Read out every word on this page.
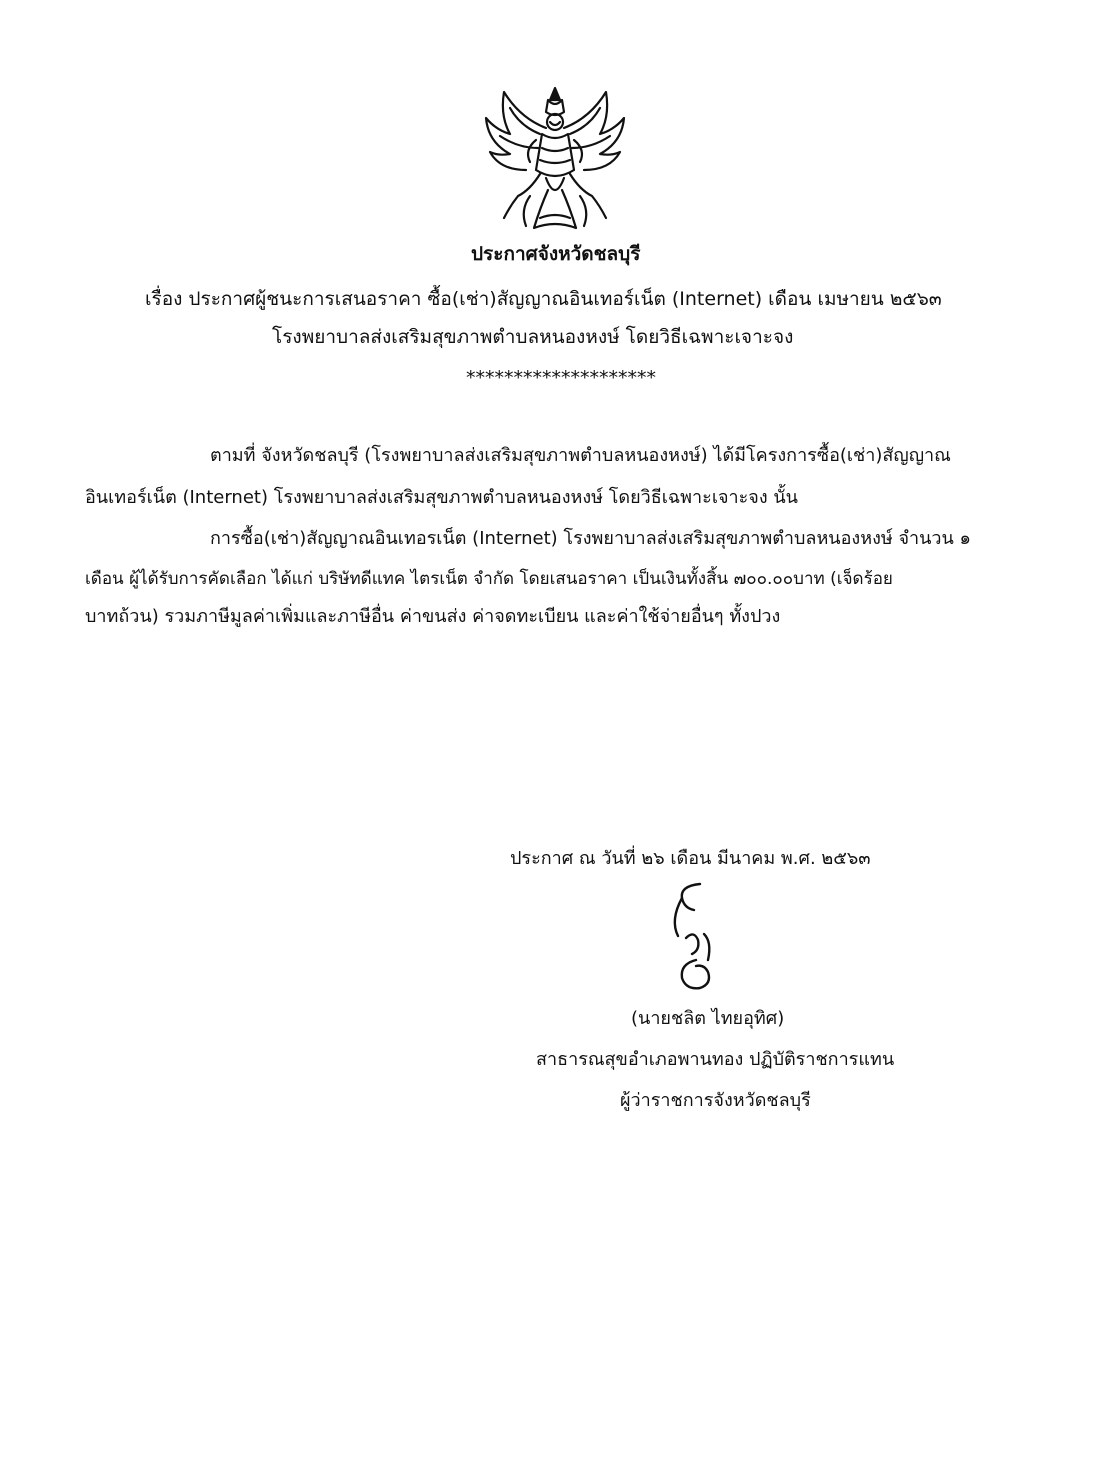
ประกาศจังหวัดชลบุรี
เรื่อง ประกาศผู้ชนะการเสนอราคา ซื้อ(เช่า)สัญญาณอินเทอร์เน็ต (Internet) เดือน เมษายน ๒๕๖๓
โรงพยาบาลส่งเสริมสุขภาพตำบลหนองหงษ์ โดยวิธีเฉพาะเจาะจง
********************
ตามที่ จังหวัดชลบุรี (โรงพยาบาลส่งเสริมสุขภาพตำบลหนองหงษ์) ได้มีโครงการซื้อ(เช่า)สัญญาณ
อินเทอร์เน็ต (Internet) โรงพยาบาลส่งเสริมสุขภาพตำบลหนองหงษ์ โดยวิธีเฉพาะเจาะจง นั้น
การซื้อ(เช่า)สัญญาณอินเทอรเน็ต (Internet) โรงพยาบาลส่งเสริมสุขภาพตำบลหนองหงษ์ จำนวน ๑
เดือน ผู้ได้รับการคัดเลือก ได้แก่ บริษัทดีแทค ไตรเน็ต จำกัด โดยเสนอราคา เป็นเงินทั้งสิ้น ๗๐๐.๐๐บาท (เจ็ดร้อย
บาทถ้วน) รวมภาษีมูลค่าเพิ่มและภาษีอื่น ค่าขนส่ง ค่าจดทะเบียน และค่าใช้จ่ายอื่นๆ ทั้งปวง
ประกาศ ณ วันที่ ๒๖ เดือน มีนาคม พ.ศ. ๒๕๖๓
(นายชลิต ไทยอุทิศ)
สาธารณสุขอำเภอพานทอง ปฏิบัติราชการแทน
ผู้ว่าราชการจังหวัดชลบุรี
